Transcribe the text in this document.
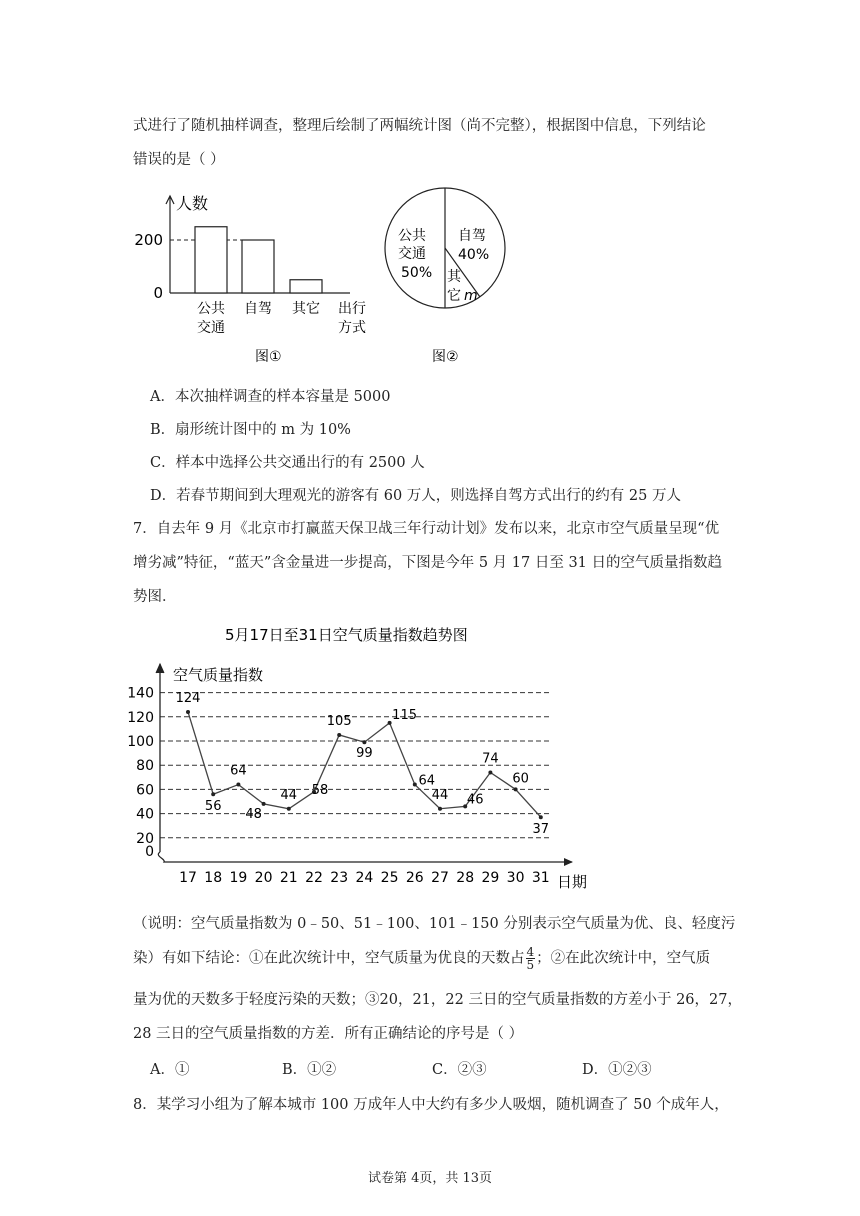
式进行了随机抽样调查，整理后绘制了两幅统计图（尚不完整），根据图中信息，下列结论
错误的是（ ）
0
200
公共
交通
自驾 其它
人数
出行
方式
图①
公共
交通
50%
自驾
40%
其
它 m
图②
A．本次抽样调查的样本容量是 5000
B．扇形统计图中的 m 为 10%
C．样本中选择公共交通出行的有 2500 人
D．若春节期间到大理观光的游客有 60 万人，则选择自驾方式出行的约有 25 万人
7．自去年 9 月《北京市打赢蓝天保卫战三年行动计划》发布以来，北京市空气质量呈现“优
增劣减”特征，“蓝天”含金量进一步提高，下图是今年 5 月 17 日至 31 日的空气质量指数趋
势图．
5月17日至31日空气质量指数趋势图
空气质量指数
日期
124
56
64
48
44 58
105
99
115
64
44 46
74
60
37
0
20
40
60
80
100
120
140
17 18 19 20 21 22 23 24 25 26 27 28 29 30 31
（说明：空气质量指数为 0﹣50、51﹣100、101﹣150 分别表示空气质量为优、良、轻度污
染）有如下结论：①在此次统计中，空气质量为优良的天数占 $\frac{4}{5}$ ；②在此次统计中，空气质
量为优的天数多于轻度污染的天数；③20，21，22 三日的空气质量指数的方差小于 26，27，
28 三日的空气质量指数的方差．所有正确结论的序号是（ ）
A．①	B．①②	C．②③	D．①②③
8．某学习小组为了解本城市 100 万成年人中大约有多少人吸烟，随机调查了 50 个成年人，
试卷第 4页，共 13页
